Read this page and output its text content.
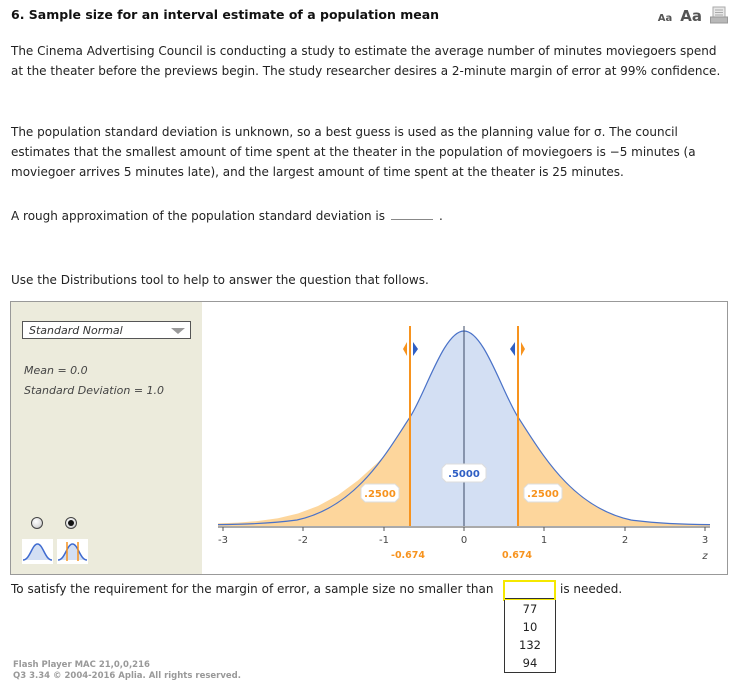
6. Sample size for an interval estimate of a population mean	Aa Aa

The Cinema Advertising Council is conducting a study to estimate the average number of minutes moviegoers spend at the theater before the previews begin. The study researcher desires a 2-minute margin of error at 99% confidence.

The population standard deviation is unknown, so a best guess is used as the planning value for σ. The council estimates that the smallest amount of time spent at the theater in the population of moviegoers is −5 minutes (a moviegoer arrives 5 minutes late), and the largest amount of time spent at the theater is 25 minutes.

A rough approximation of the population standard deviation is	.

Use the Distributions tool to help to answer the question that follows.

Standard Normal
Mean = 0.0
Standard Deviation = 1.0
.2500
.5000
.2500
-3	-2	-1	0	1	2	3
-0.674	0.674	z
To satisfy the requirement for the margin of error, a sample size no smaller than	is needed.
77
10
132
94
Flash Player MAC 21,0,0,216
Q3 3.34 © 2004-2016 Aplia. All rights reserved.
